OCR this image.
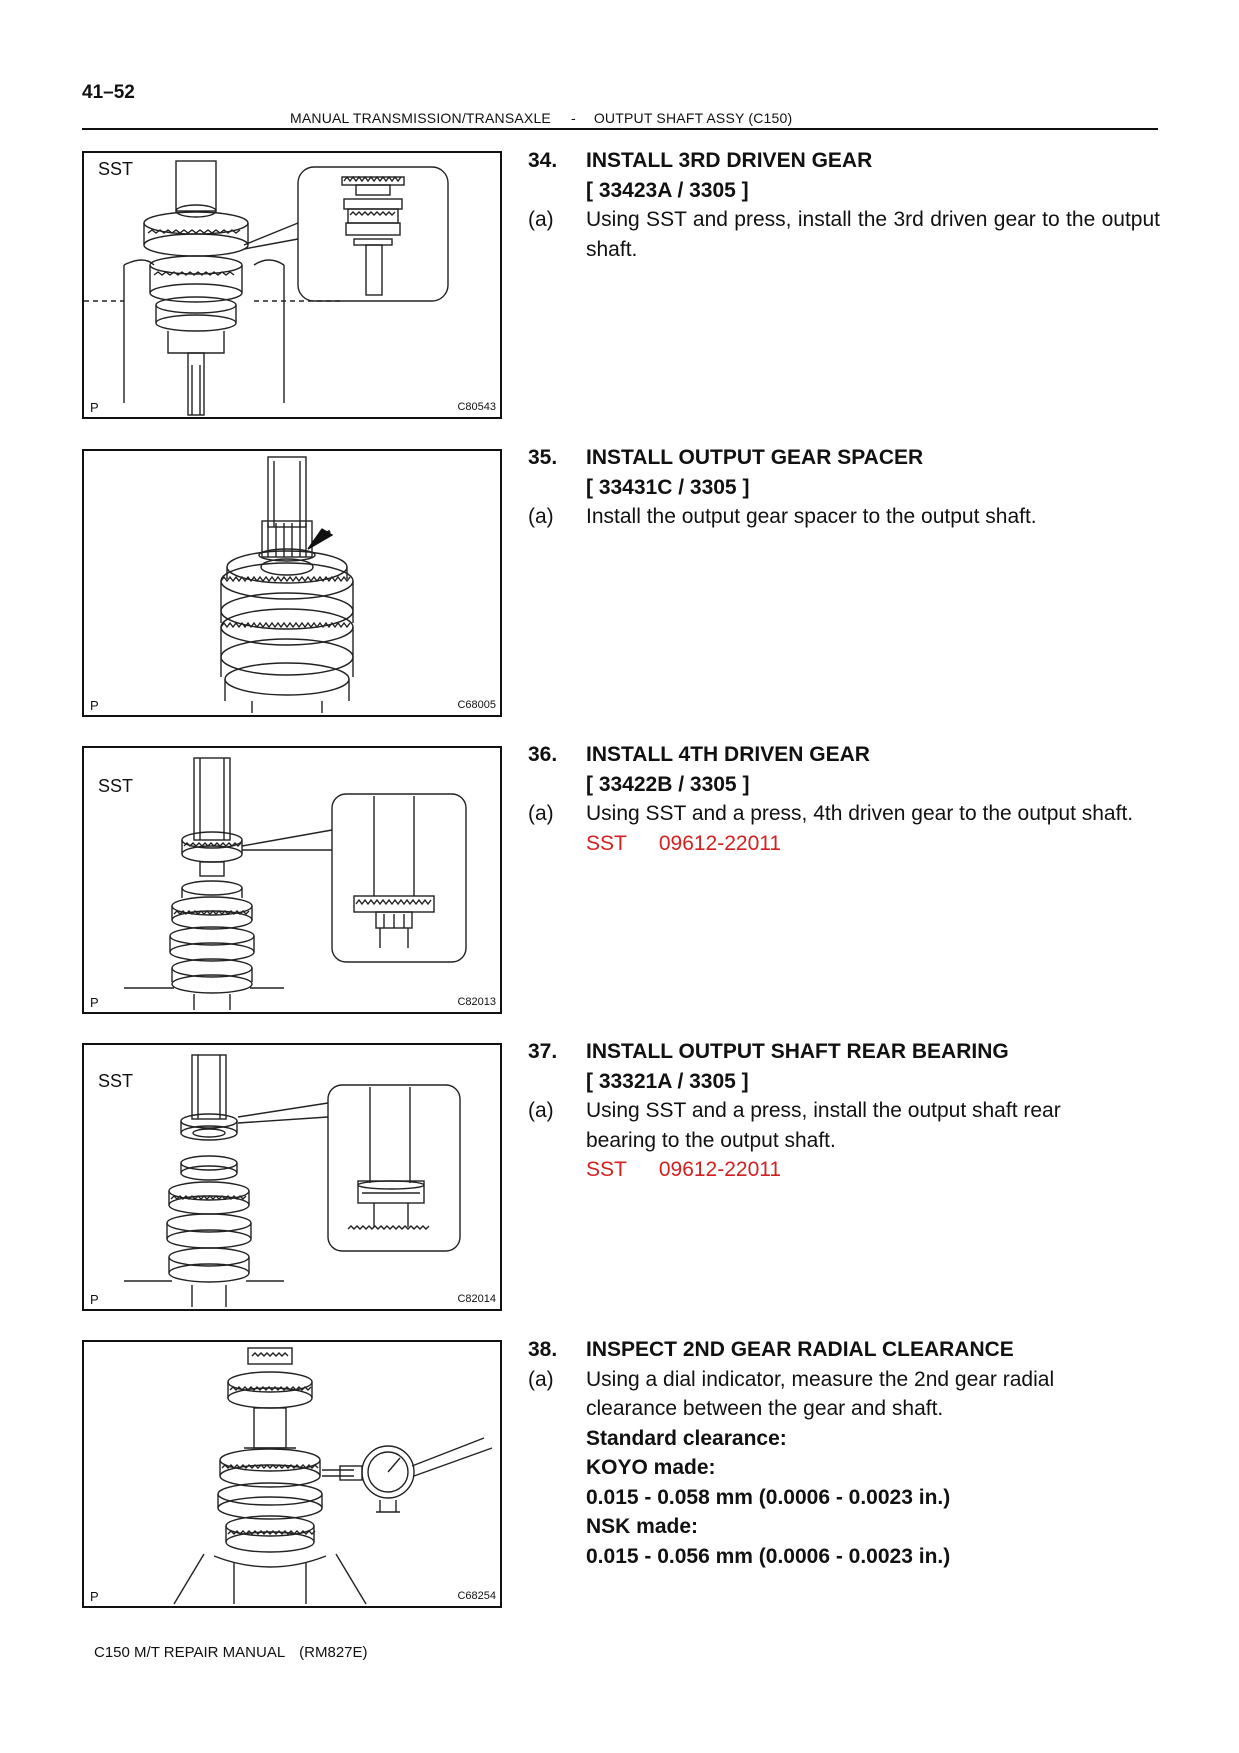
41–52
MANUAL TRANSMISSION/TRANSAXLE - OUTPUT SHAFT ASSY (C150)
SST
P	C80543
34. INSTALL 3RD DRIVEN GEAR
[ 33423A / 3305 ]
(a) Using SST and press, install the 3rd driven gear to the output shaft.
P	C68005
35. INSTALL OUTPUT GEAR SPACER
[ 33431C / 3305 ]
(a) Install the output gear spacer to the output shaft.
SST
P	C82013
36. INSTALL 4TH DRIVEN GEAR
[ 33422B / 3305 ]
(a) Using SST and a press, 4th driven gear to the output shaft.
SST 09612-22011
SST
P	C82014
37. INSTALL OUTPUT SHAFT REAR BEARING
[ 33321A / 3305 ]
(a) Using SST and a press, install the output shaft rear bearing to the output shaft.
SST 09612-22011
P	C68254
38. INSPECT 2ND GEAR RADIAL CLEARANCE
(a) Using a dial indicator, measure the 2nd gear radial clearance between the gear and shaft.
Standard clearance:
KOYO made:
0.015 - 0.058 mm (0.0006 - 0.0023 in.)
NSK made:
0.015 - 0.056 mm (0.0006 - 0.0023 in.)
C150 M/T REPAIR MANUAL (RM827E)
